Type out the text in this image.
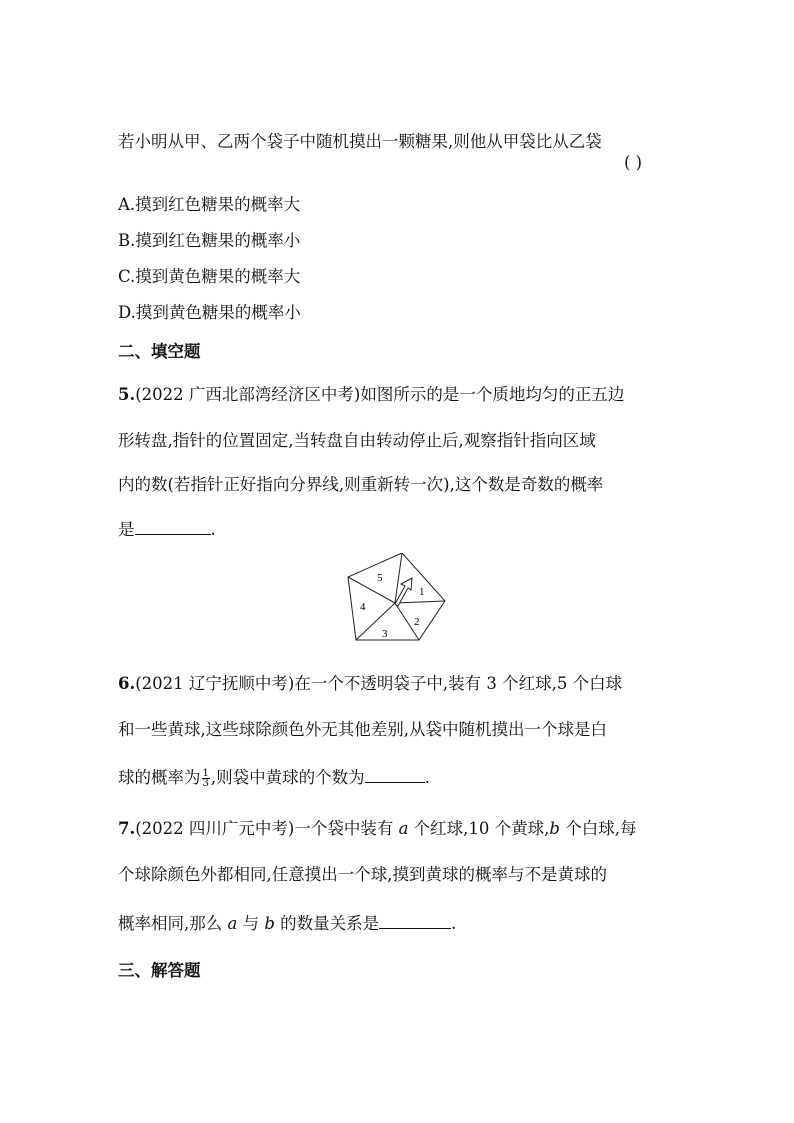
若小明从甲、乙两个袋子中随机摸出一颗糖果,则他从甲袋比从乙袋
( )
A.摸到红色糖果的概率大
B.摸到红色糖果的概率小
C.摸到黄色糖果的概率大
D.摸到黄色糖果的概率小
二、填空题
5.(2022 广西北部湾经济区中考)如图所示的是一个质地均匀的正五边
形转盘,指针的位置固定,当转盘自由转动停止后,观察指针指向区域
内的数(若指针正好指向分界线,则重新转一次),这个数是奇数的概率
是	.
1
2
3
4
5
6.(2021 辽宁抚顺中考)在一个不透明袋子中,装有 3 个红球,5 个白球
和一些黄球,这些球除颜色外无其他差别,从袋中随机摸出一个球是白
球的概率为 $\frac{1}{3}$ ,则袋中黄球的个数为	.
7.(2022 四川广元中考)一个袋中装有 a 个红球,10 个黄球,b 个白球,每
个球除颜色外都相同,任意摸出一个球,摸到黄球的概率与不是黄球的
概率相同,那么 a 与 b 的数量关系是	.
三、解答题
